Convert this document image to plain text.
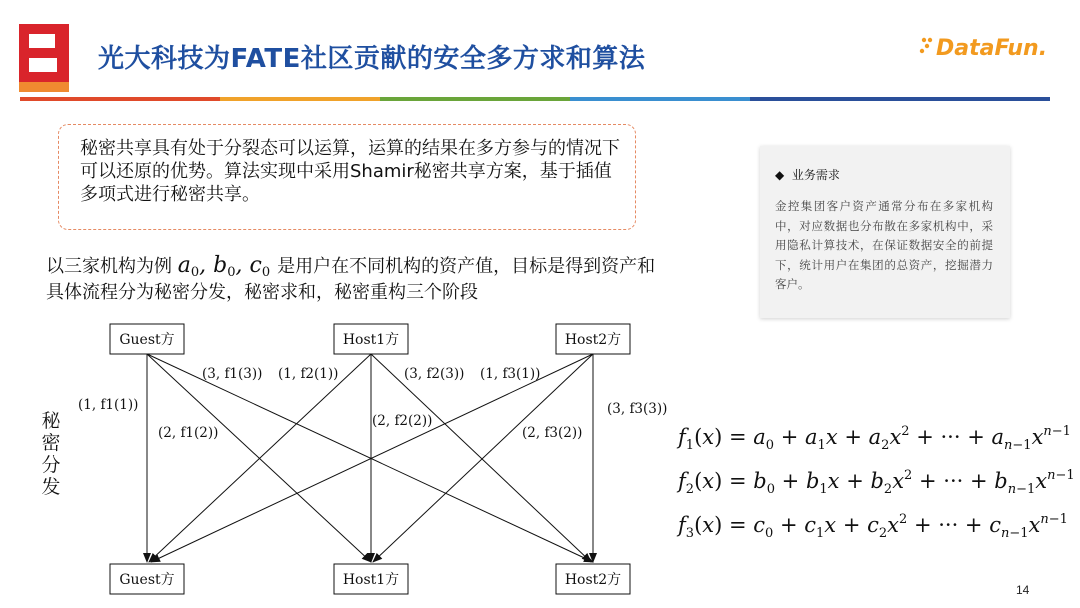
光大科技为FATE社区贡献的安全多方求和算法	DataFun.
秘密共享具有处于分裂态可以运算，运算的结果在多方参与的情况下可以还原的优势。算法实现中采用Shamir秘密共享方案，基于插值多项式进行秘密共享。
以三家机构为例 $a_0$, $b_0$, $c_0$ 是用户在不同机构的资产值，目标是得到资产和
具体流程分为秘密分发，秘密求和，秘密重构三个阶段
◆ 业务需求
金控集团客户资产通常分布在多家机构中，对应数据也分布散在多家机构中，采用隐私计算技术，在保证数据安全的前提下，统计用户在集团的总资产，挖掘潜力客户。
秘密分发
Guest方	Host1方	Host2方
Guest方	Host1方	Host2方
(1, f1(1))
(2, f1(2))
(3, f1(3)) (1, f2(1))
(2, f2(2))
(3, f2(3)) (1, f3(1))
(2, f3(2))
(3, f3(3))
$f_1(x) = a_0 + a_1x + a_2x^2$ + ··· + $a_n-1x^n-1$
$f_2(x) = b_0 + b_1x + b_2x^2$ + ··· + $b_n-1x^n-1$
$f_3(x) = c_0 + c_1x + c_2x^2$ + ··· + $c_n-1x^n-1$
14
